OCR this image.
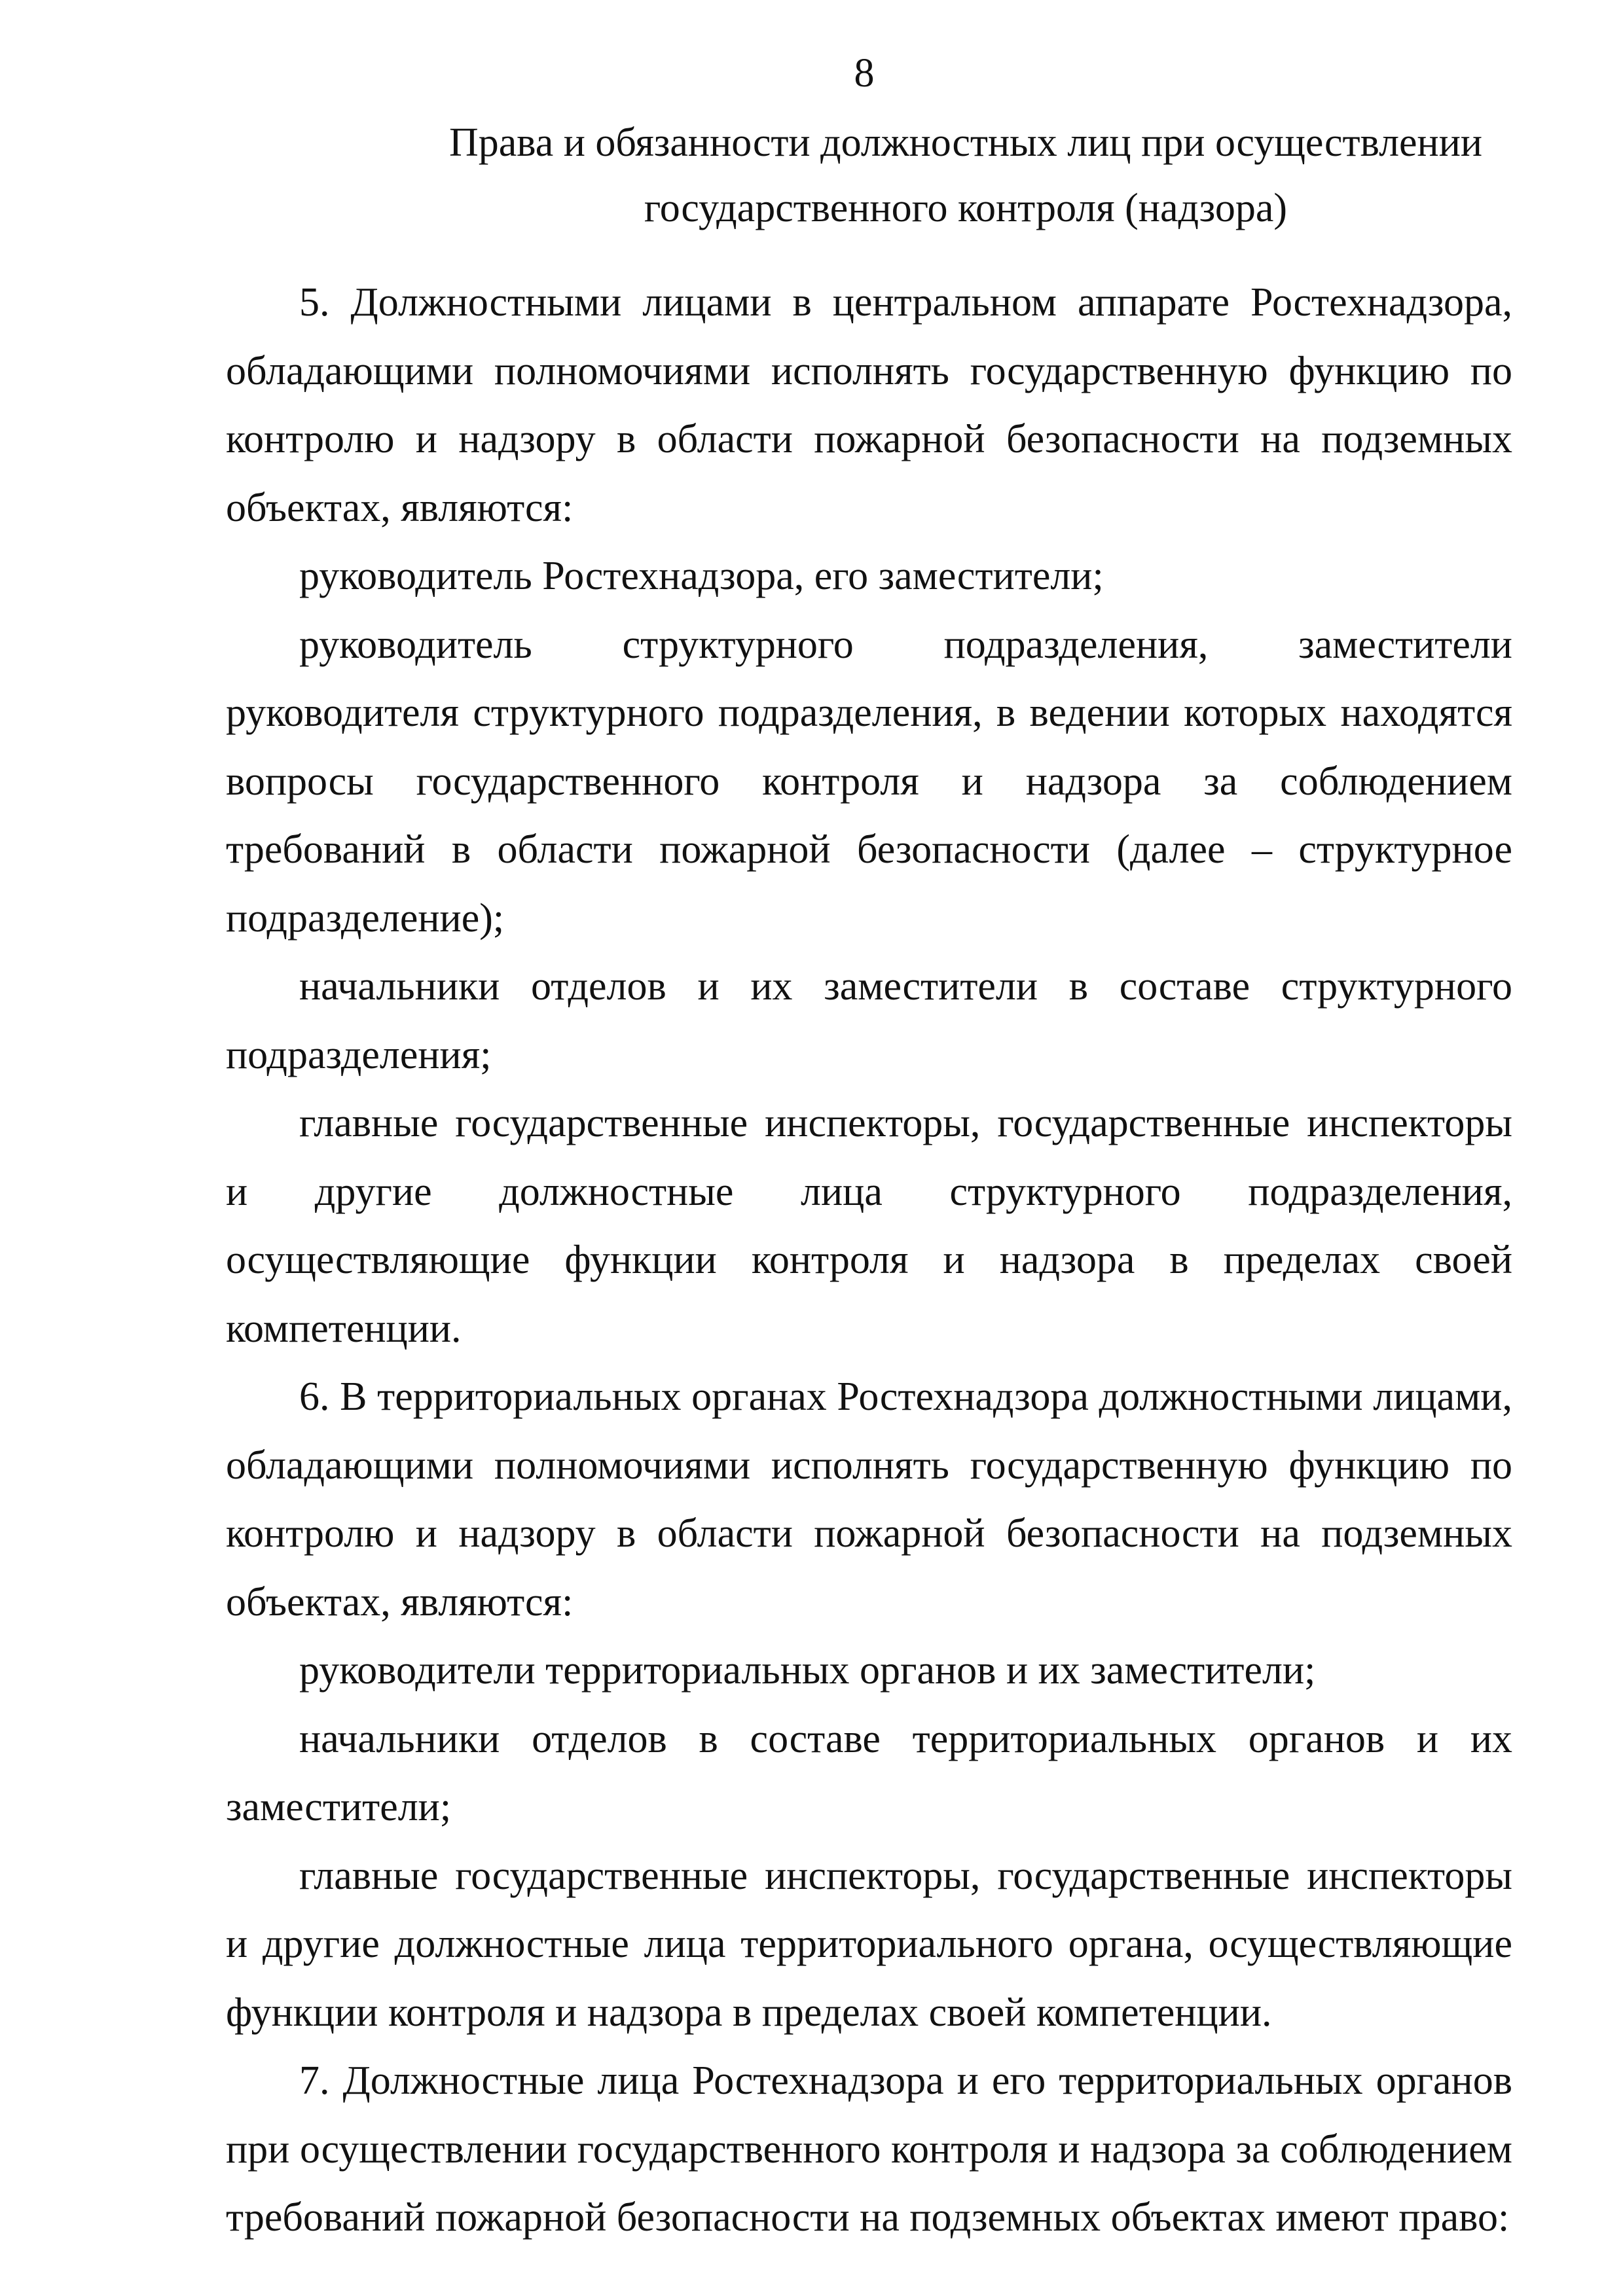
8
Права и обязанности должностных лиц при осуществлении
государственного контроля (надзора)

5. Должностными лицами в центральном аппарате Ростехнадзора, обладающими полномочиями исполнять государственную функцию по контролю и надзору в области пожарной безопасности на подземных объектах, являются:

руководитель Ростехнадзора, его заместители;

руководитель структурного подразделения, заместители руководителя структурного подразделения, в ведении которых находятся вопросы государственного контроля и надзора за соблюдением требований в области пожарной безопасности (далее – структурное подразделение);

начальники отделов и их заместители в составе структурного подразделения;

главные государственные инспекторы, государственные инспекторы и другие должностные лица структурного подразделения, осуществляющие функции контроля и надзора в пределах своей компетенции.

6. В территориальных органах Ростехнадзора должностными лицами, обладающими полномочиями исполнять государственную функцию по контролю и надзору в области пожарной безопасности на подземных объектах, являются:

руководители территориальных органов и их заместители;

начальники отделов в составе территориальных органов и их заместители;

главные государственные инспекторы, государственные инспекторы и другие должностные лица территориального органа, осуществляющие функции контроля и надзора в пределах своей компетенции.

7. Должностные лица Ростехнадзора и его территориальных органов при осуществлении государственного контроля и надзора за соблюдением требований пожарной безопасности на подземных объектах имеют право:
